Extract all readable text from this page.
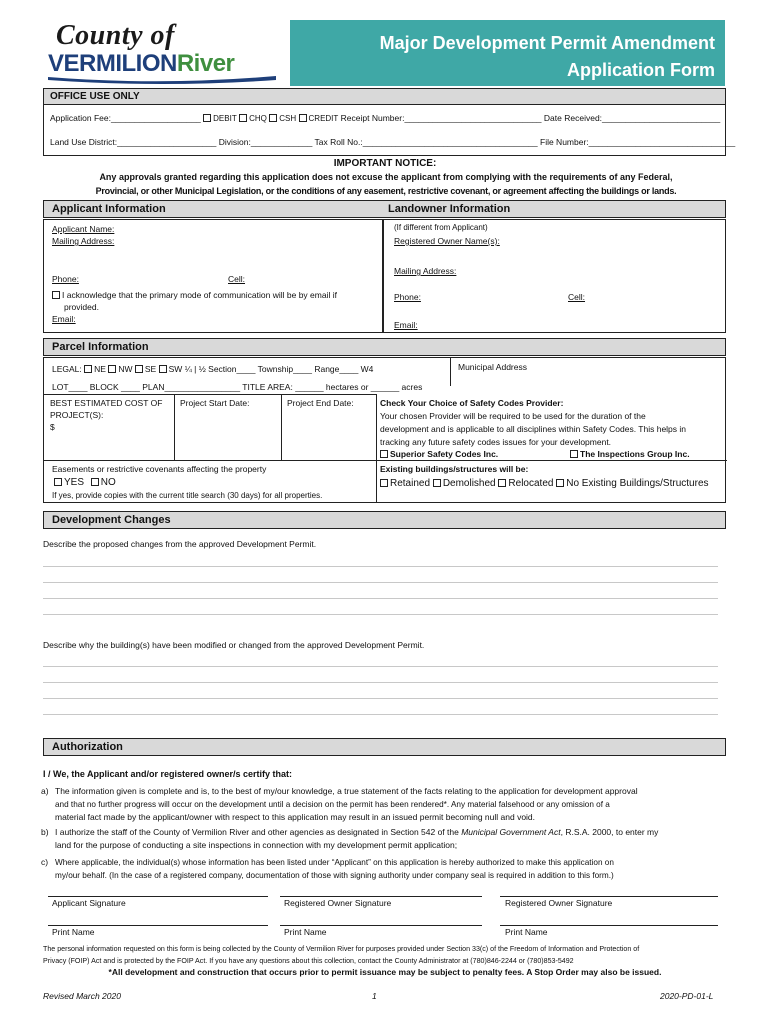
County of
VERMILIONRiver
Major Development Permit Amendment
Application Form
OFFICE USE ONLY
Application Fee:___________________ DEBIT CHQ CSH CREDIT Receipt Number:_____________________________ Date Received:_________________________
Land Use District:_____________________ Division:_____________ Tax Roll No.:_____________________________________ File Number:_______________________________
IMPORTANT NOTICE:
Any approvals granted regarding this application does not excuse the applicant from complying with the requirements of any Federal,
Provincial, or other Municipal Legislation, or the conditions of any easement, restrictive covenant, or agreement affecting the buildings or lands.
Applicant Information	Landowner Information
Applicant Name:
Mailing Address:
Phone:	Cell:
I acknowledge that the primary mode of communication will be by email if
provided.
Email:
(If different from Applicant)
Registered Owner Name(s):
Mailing Address:
Phone:	Cell:
Email:
Parcel Information
LEGAL: NE NW SE SW ¼ | ½ Section____ Township____ Range____ W4	Municipal Address
LOT____ BLOCK ____ PLAN________________ TITLE AREA: ______ hectares or ______ acres
BEST ESTIMATED COST OF
PROJECT(S):
$
Project Start Date:	Project End Date:	Check Your Choice of Safety Codes Provider:
Your chosen Provider will be required to be used for the duration of the
development and is applicable to all disciplines within Safety Codes. This helps in
tracking any future safety codes issues for your development.
Superior Safety Codes Inc.	The Inspections Group Inc.
Easements or restrictive covenants affecting the property
YES NO
If yes, provide copies with the current title search (30 days) for all properties.
Existing buildings/structures will be:
Retained Demolished Relocated No Existing Buildings/Structures
Development Changes
Describe the proposed changes from the approved Development Permit.
Describe why the building(s) have been modified or changed from the approved Development Permit.
Authorization
I / We, the Applicant and/or registered owner/s certify that:
a) The information given is complete and is, to the best of my/our knowledge, a true statement of the facts relating to the application for development approval
and that no further progress will occur on the development until a decision on the permit has been rendered*. Any material falsehood or any omission of a
material fact made by the applicant/owner with respect to this application may result in an issued permit becoming null and void.
b) I authorize the staff of the County of Vermilion River and other agencies as designated in Section 542 of the Municipal Government Act, R.S.A. 2000, to enter my
land for the purpose of conducting a site inspections in connection with my development permit application;
c) Where applicable, the individual(s) whose information has been listed under “Applicant” on this application is hereby authorized to make this application on
my/our behalf. (In the case of a registered company, documentation of those with signing authority under company seal is required in addition to this form.)
Applicant Signature	Registered Owner Signature	Registered Owner Signature
Print Name	Print Name	Print Name
The personal information requested on this form is being collected by the County of Vermilion River for purposes provided under Section 33(c) of the Freedom of Information and Protection of
Privacy (FOIP) Act and is protected by the FOIP Act. If you have any questions about this collection, contact the County Administrator at (780)846-2244 or (780)853-5492
*All development and construction that occurs prior to permit issuance may be subject to penalty fees. A Stop Order may also be issued.
Revised March 2020	1	2020-PD-01-L
